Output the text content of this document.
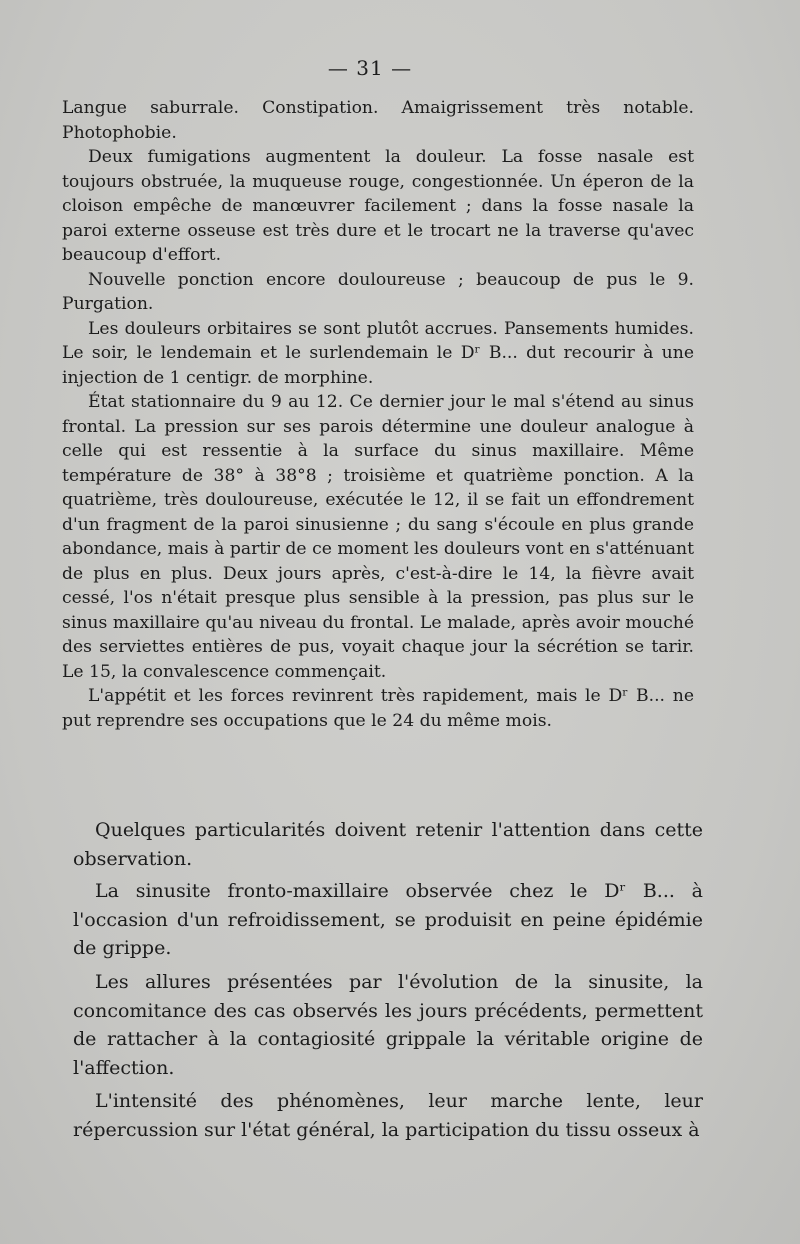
— 31 —

Langue saburrale. Constipation. Amaigrissement très notable. Photophobie.

Deux fumigations augmentent la douleur. La fosse nasale est toujours obstruée, la muqueuse rouge, congestionnée. Un éperon de la cloison empêche de manœuvrer facilement ; dans la fosse nasale la paroi externe osseuse est très dure et le trocart ne la traverse qu'avec beaucoup d'effort.

Nouvelle ponction encore douloureuse ; beaucoup de pus le 9. Purgation.

Les douleurs orbitaires se sont plutôt accrues. Pansements humides. Le soir, le lendemain et le surlendemain le Dʳ B... dut recourir à une injection de 1 centigr. de morphine.

État stationnaire du 9 au 12. Ce dernier jour le mal s'étend au sinus frontal. La pression sur ses parois détermine une douleur analogue à celle qui est ressentie à la surface du sinus maxillaire. Même température de 38° à 38°8 ; troisième et quatrième ponction. A la quatrième, très douloureuse, exécutée le 12, il se fait un effondrement d'un fragment de la paroi sinusienne ; du sang s'écoule en plus grande abondance, mais à partir de ce moment les douleurs vont en s'atténuant de plus en plus. Deux jours après, c'est-à-dire le 14, la fièvre avait cessé, l'os n'était presque plus sensible à la pression, pas plus sur le sinus maxillaire qu'au niveau du frontal. Le malade, après avoir mouché des serviettes entières de pus, voyait chaque jour la sécrétion se tarir. Le 15, la convalescence commençait.

L'appétit et les forces revinrent très rapidement, mais le Dʳ B... ne put reprendre ses occupations que le 24 du même mois.

Quelques particularités doivent retenir l'attention dans cette observation.

La sinusite fronto-maxillaire observée chez le Dʳ B... à l'occasion d'un refroidissement, se produisit en peine épidémie de grippe.

Les allures présentées par l'évolution de la sinusite, la concomitance des cas observés les jours précédents, permettent de rattacher à la contagiosité grippale la véritable origine de l'affection.

L'intensité des phénomènes, leur marche lente, leur répercussion sur l'état général, la participation du tissu osseux à
